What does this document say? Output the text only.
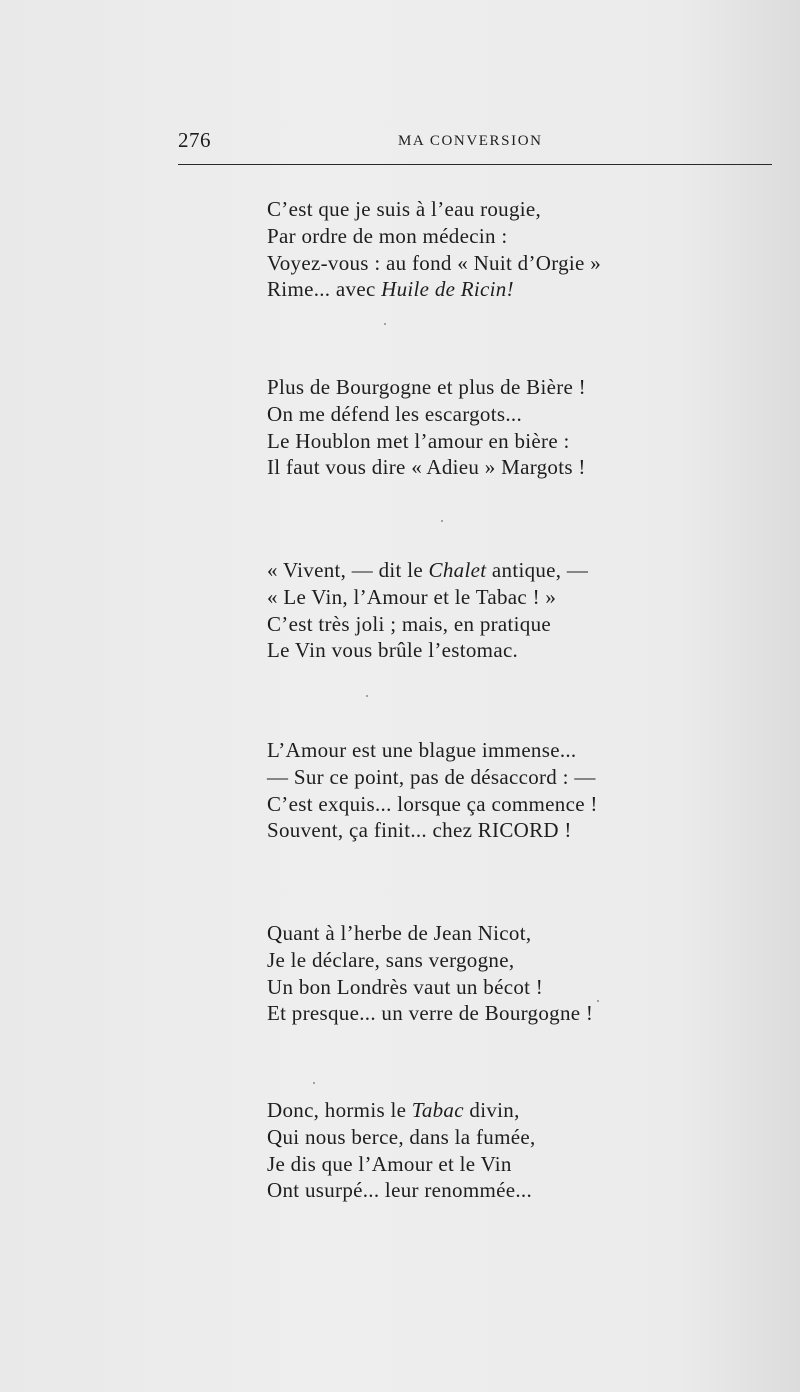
276	MA CONVERSION
C’est que je suis à l’eau rougie,
Par ordre de mon médecin :
Voyez-vous : au fond « Nuit d’Orgie »
Rime... avec Huile de Ricin!
Plus de Bourgogne et plus de Bière !
On me défend les escargots...
Le Houblon met l’amour en bière :
Il faut vous dire « Adieu » Margots !
« Vivent, — dit le Chalet antique, —
« Le Vin, l’Amour et le Tabac ! »
C’est très joli ; mais, en pratique
Le Vin vous brûle l’estomac.
L’Amour est une blague immense...
— Sur ce point, pas de désaccord : —
C’est exquis... lorsque ça commence !
Souvent, ça finit... chez RICORD !
Quant à l’herbe de Jean Nicot,
Je le déclare, sans vergogne,
Un bon Londrès vaut un bécot !
Et presque... un verre de Bourgogne !
Donc, hormis le Tabac divin,
Qui nous berce, dans la fumée,
Je dis que l’Amour et le Vin
Ont usurpé... leur renommée...
